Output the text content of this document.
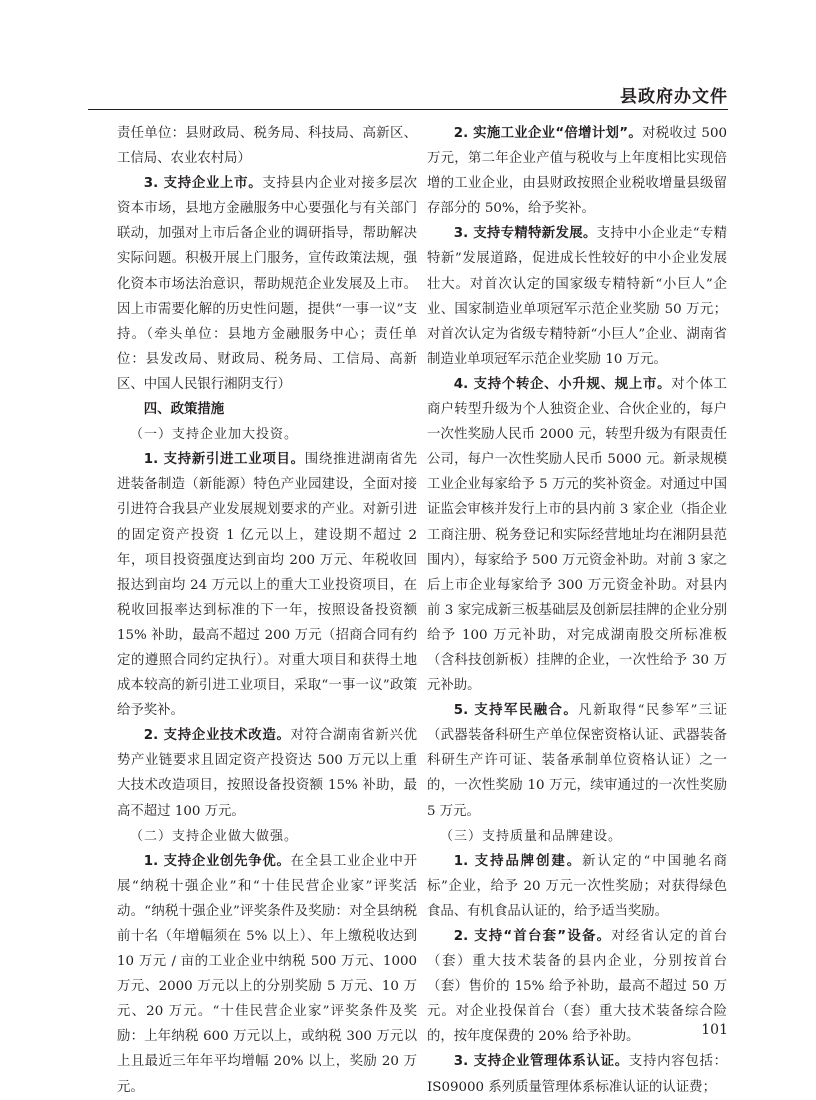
县政府办文件

责任单位：县财政局、税务局、科技局、高新区、工信局、农业农村局）

3. 支持企业上市。支持县内企业对接多层次资本市场，县地方金融服务中心要强化与有关部门联动，加强对上市后备企业的调研指导，帮助解决实际问题。积极开展上门服务，宣传政策法规，强化资本市场法治意识，帮助规范企业发展及上市。因上市需要化解的历史性问题，提供“一事一议”支持。（牵头单位：县地方金融服务中心；责任单位：县发改局、财政局、税务局、工信局、高新区、中国人民银行湘阴支行）

四、政策措施

（一）支持企业加大投资。

1. 支持新引进工业项目。围绕推进湖南省先进装备制造（新能源）特色产业园建设，全面对接引进符合我县产业发展规划要求的产业。对新引进的固定资产投资 1 亿元以上，建设期不超过 2 年，项目投资强度达到亩均 200 万元、年税收回报达到亩均 24 万元以上的重大工业投资项目，在税收回报率达到标准的下一年，按照设备投资额 15% 补助，最高不超过 200 万元（招商合同有约定的遵照合同约定执行）。对重大项目和获得土地成本较高的新引进工业项目，采取“一事一议”政策给予奖补。

2. 支持企业技术改造。对符合湖南省新兴优势产业链要求且固定资产投资达 500 万元以上重大技术改造项目，按照设备投资额 15% 补助，最高不超过 100 万元。

（二）支持企业做大做强。

1. 支持企业创先争优。在全县工业企业中开展“纳税十强企业”和“十佳民营企业家”评奖活动。“纳税十强企业”评奖条件及奖励：对全县纳税前十名（年增幅须在 5% 以上）、年上缴税收达到 10 万元 / 亩的工业企业中纳税 500 万元、1000 万元、2000 万元以上的分别奖励 5 万元、10 万元、20 万元。“十佳民营企业家”评奖条件及奖励：上年纳税 600 万元以上，或纳税 300 万元以上且最近三年年平均增幅 20% 以上，奖励 20 万元。

2. 实施工业企业“倍增计划”。对税收过 500 万元，第二年企业产值与税收与上年度相比实现倍增的工业企业，由县财政按照企业税收增量县级留存部分的 50%，给予奖补。

3. 支持专精特新发展。支持中小企业走“专精特新”发展道路，促进成长性较好的中小企业发展壮大。对首次认定的国家级专精特新“小巨人”企业、国家制造业单项冠军示范企业奖励 50 万元；对首次认定为省级专精特新“小巨人”企业、湖南省制造业单项冠军示范企业奖励 10 万元。

4. 支持个转企、小升规、规上市。对个体工商户转型升级为个人独资企业、合伙企业的，每户一次性奖励人民币 2000 元，转型升级为有限责任公司，每户一次性奖励人民币 5000 元。新录规模工业企业每家给予 5 万元的奖补资金。对通过中国证监会审核并发行上市的县内前 3 家企业（指企业工商注册、税务登记和实际经营地址均在湘阴县范围内），每家给予 500 万元资金补助。对前 3 家之后上市企业每家给予 300 万元资金补助。对县内前 3 家完成新三板基础层及创新层挂牌的企业分别给予 100 万元补助，对完成湖南股交所标准板（含科技创新板）挂牌的企业，一次性给予 30 万元补助。

5. 支持军民融合。凡新取得“民参军”三证（武器装备科研生产单位保密资格认证、武器装备科研生产许可证、装备承制单位资格认证）之一的，一次性奖励 10 万元，续审通过的一次性奖励 5 万元。

（三）支持质量和品牌建设。

1. 支持品牌创建。新认定的“中国驰名商标”企业，给予 20 万元一次性奖励；对获得绿色食品、有机食品认证的，给予适当奖励。

2. 支持“首台套”设备。对经省认定的首台（套）重大技术装备的县内企业，分别按首台（套）售价的 15% 给予补助，最高不超过 50 万元。对企业投保首台（套）重大技术装备综合险的，按年度保费的 20% 给予补助。

3. 支持企业管理体系认证。支持内容包括：IS09000 系列质量管理体系标准认证的认证费；

101
